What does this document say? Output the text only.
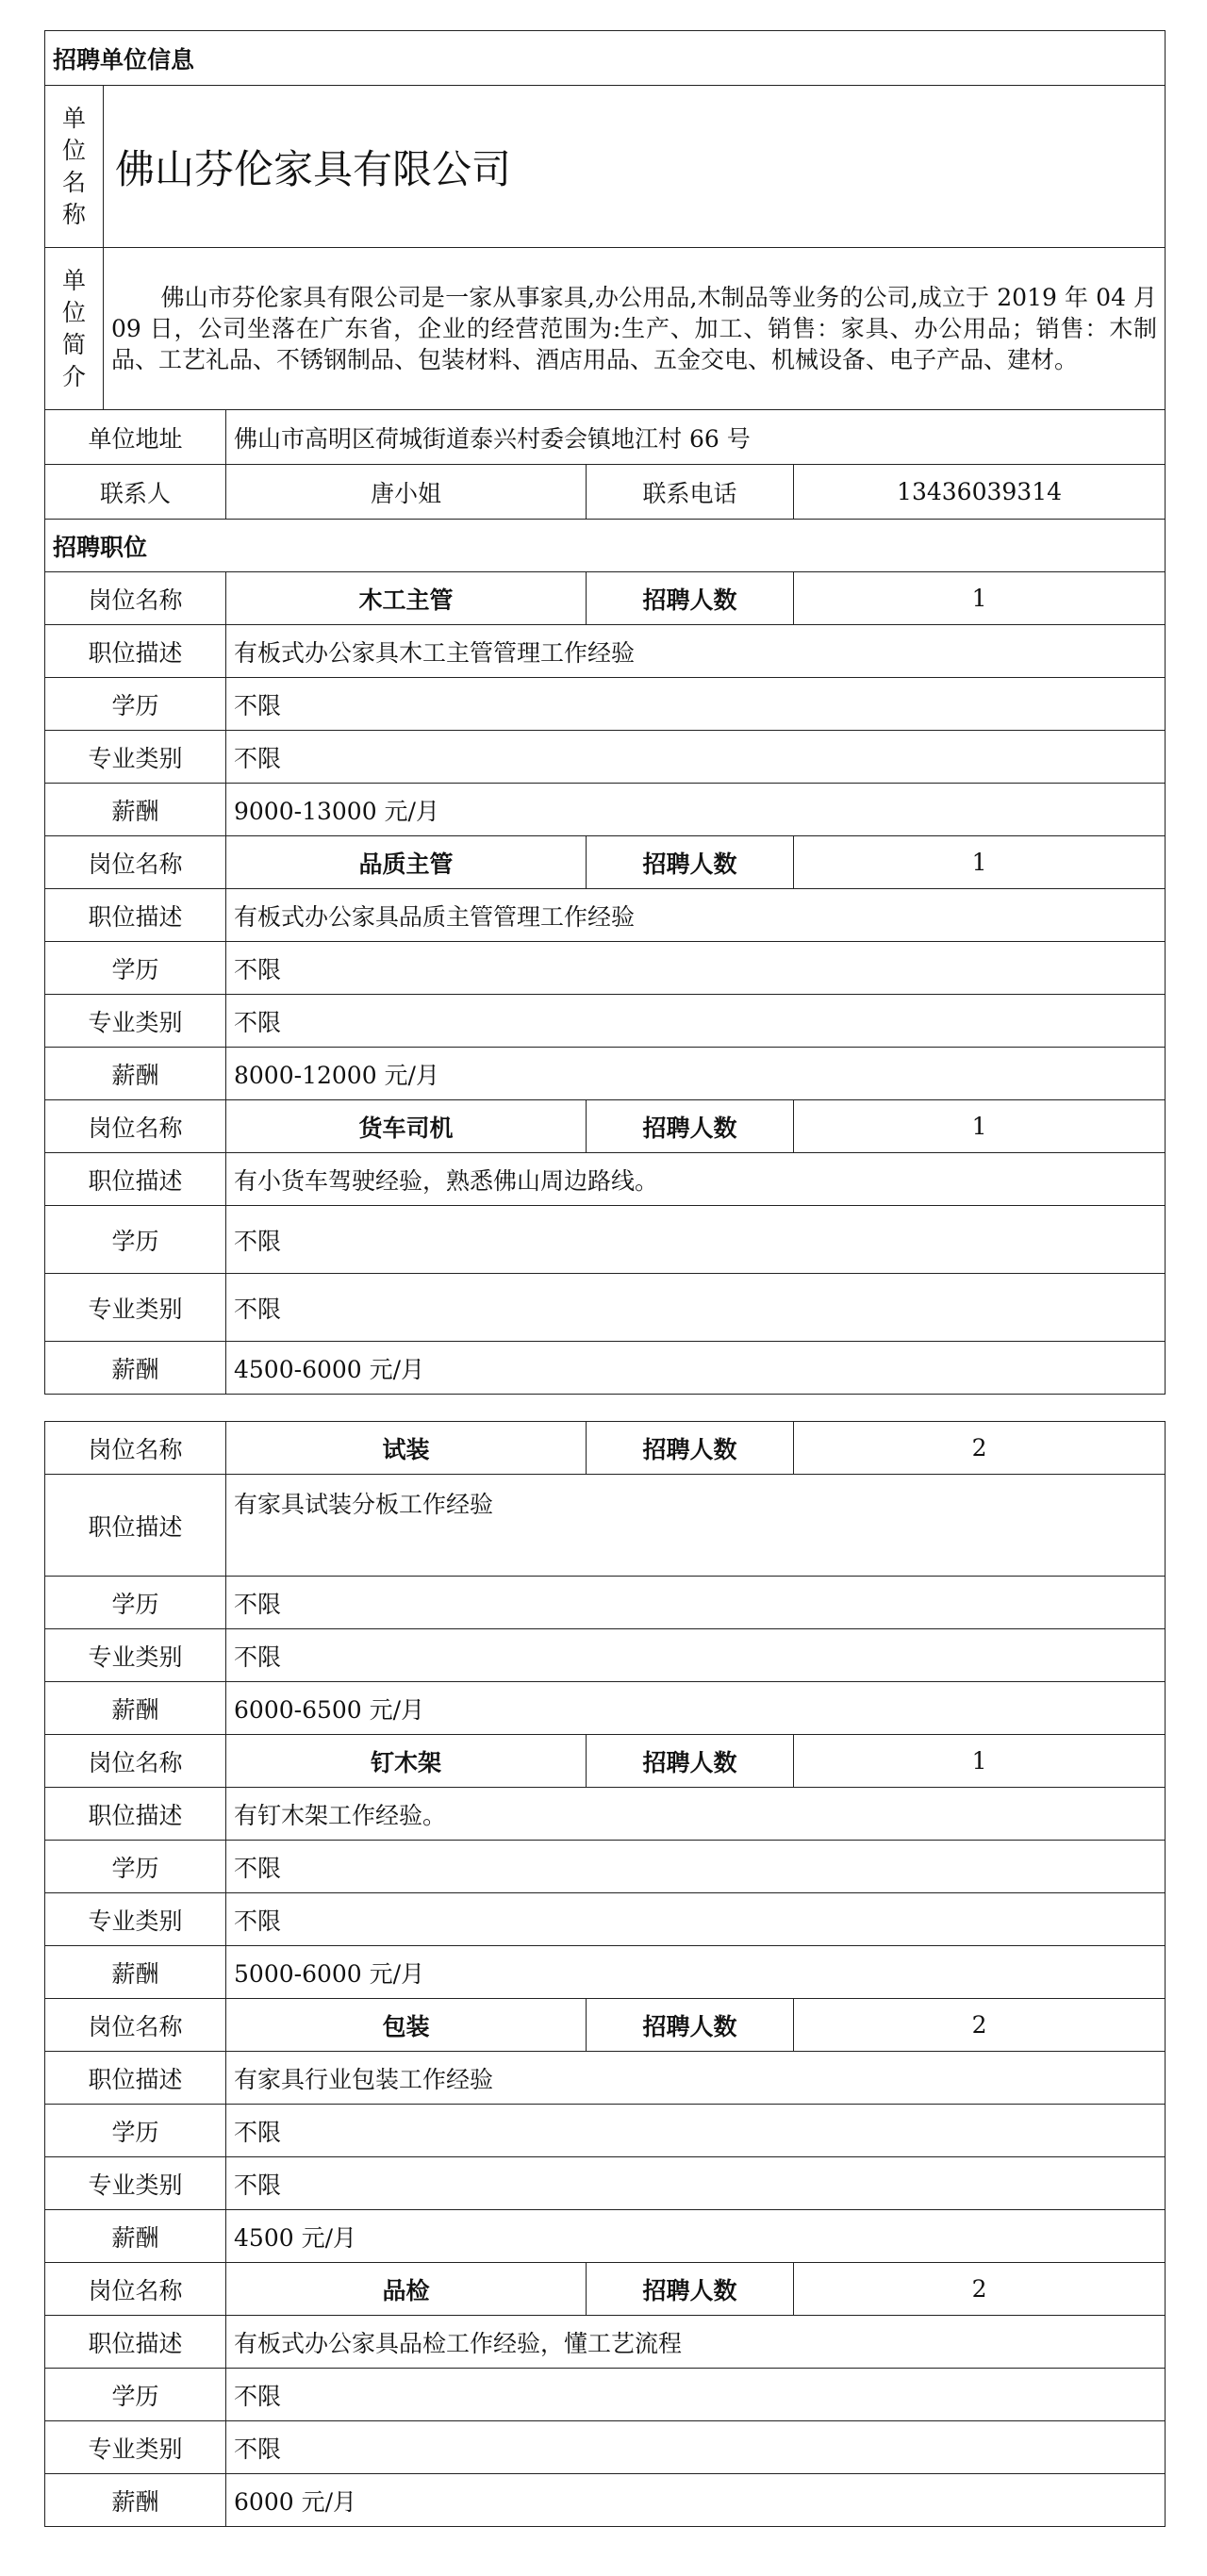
招聘单位信息				

单
位
名
称	佛山芬伦家具有限公司			

单
位
简
介	佛山市芬伦家具有限公司是一家从事家具,办公用品,木制品等业务的公司,成立于 2019 年 04 月 09 日，公司坐落在广东省，企业的经营范围为:生产、加工、销售：家具、办公用品；销售：木制品、工艺礼品、不锈钢制品、包装材料、酒店用品、五金交电、机械设备、电子产品、建材。			
单位地址		佛山市高明区荷城街道泰兴村委会镇地江村 66 号		
联系人		唐小姐	联系电话	13436039314
招聘职位				
岗位名称		木工主管	招聘人数	1
职位描述		有板式办公家具木工主管管理工作经验		
学历		不限		
专业类别		不限		
薪酬		9000-13000 元/月		
岗位名称		品质主管	招聘人数	1
职位描述		有板式办公家具品质主管管理工作经验		
学历		不限		
专业类别		不限		
薪酬		8000-12000 元/月		
岗位名称		货车司机	招聘人数	1
职位描述		有小货车驾驶经验，熟悉佛山周边路线。		
学历		不限		
专业类别		不限		
薪酬		4500-6000 元/月		
岗位名称	试装	招聘人数	2
职位描述	有家具试装分板工作经验		
学历	不限		
专业类别	不限		
薪酬	6000-6500 元/月		
岗位名称	钉木架	招聘人数	1
职位描述	有钉木架工作经验。		
学历	不限		
专业类别	不限		
薪酬	5000-6000 元/月		
岗位名称	包装	招聘人数	2
职位描述	有家具行业包装工作经验		
学历	不限		
专业类别	不限		
薪酬	4500 元/月		
岗位名称	品检	招聘人数	2
职位描述	有板式办公家具品检工作经验，懂工艺流程		
学历	不限		
专业类别	不限		
薪酬	6000 元/月		
